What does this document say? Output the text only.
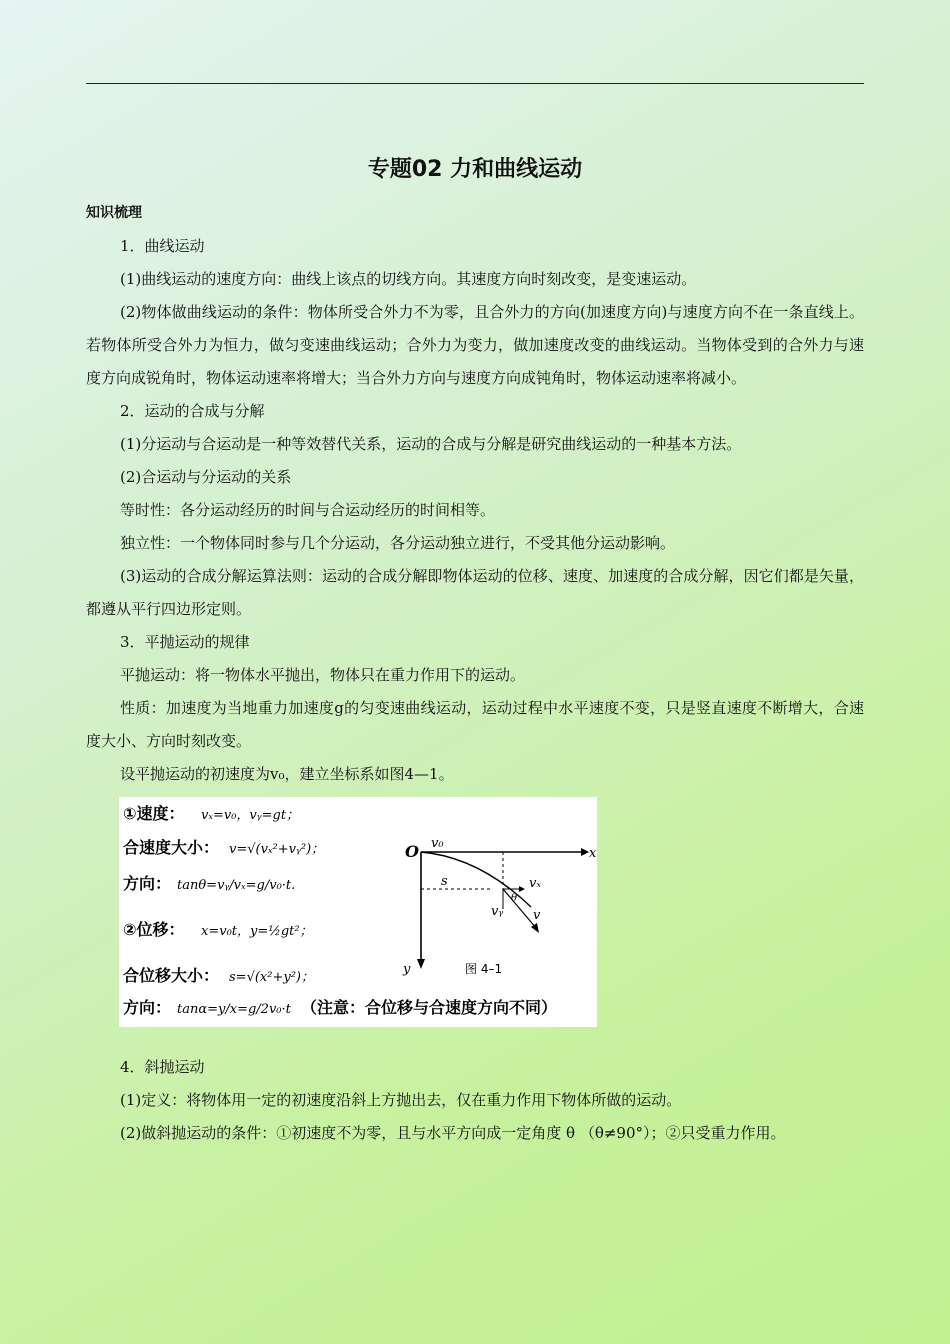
专题02 力和曲线运动
知识梳理

1．曲线运动

(1)曲线运动的速度方向：曲线上该点的切线方向。其速度方向时刻改变，是变速运动。

(2)物体做曲线运动的条件：物体所受合外力不为零，且合外力的方向(加速度方向)与速度方向不在一条直线上。若物体所受合外力为恒力，做匀变速曲线运动；合外力为变力，做加速度改变的曲线运动。当物体受到的合外力与速度方向成锐角时，物体运动速率将增大；当合外力方向与速度方向成钝角时，物体运动速率将减小。

2．运动的合成与分解

(1)分运动与合运动是一种等效替代关系，运动的合成与分解是研究曲线运动的一种基本方法。

(2)合运动与分运动的关系

等时性：各分运动经历的时间与合运动经历的时间相等。

独立性：一个物体同时参与几个分运动，各分运动独立进行，不受其他分运动影响。

(3)运动的合成分解运算法则：运动的合成分解即物体运动的位移、速度、加速度的合成分解，因它们都是矢量，都遵从平行四边形定则。

3．平抛运动的规律

平抛运动：将一物体水平抛出，物体只在重力作用下的运动。

性质：加速度为当地重力加速度g的匀变速曲线运动，运动过程中水平速度不变，只是竖直速度不断增大，合速度大小、方向时刻改变。

设平抛运动的初速度为v₀，建立坐标系如图4—1。

①速度： vₓ=v₀，vᵧ=gt；
合速度大小： v=√(vₓ²+vᵧ²)；
方向： tanθ=vᵧ/vₓ=g/v₀·t.
②位移： x=v₀t，y=½gt²；
合位移大小： s=√(x²+y²)；
方向： tanα=y/x=g/2v₀·t （注意：合位移与合速度方向不同）
O v₀
x
y
s	vₓ
vᵧ v
θ
图 4–1

4．斜抛运动

(1)定义：将物体用一定的初速度沿斜上方抛出去，仅在重力作用下物体所做的运动。

(2)做斜抛运动的条件：①初速度不为零，且与水平方向成一定角度 θ （θ≠90°）；②只受重力作用。
